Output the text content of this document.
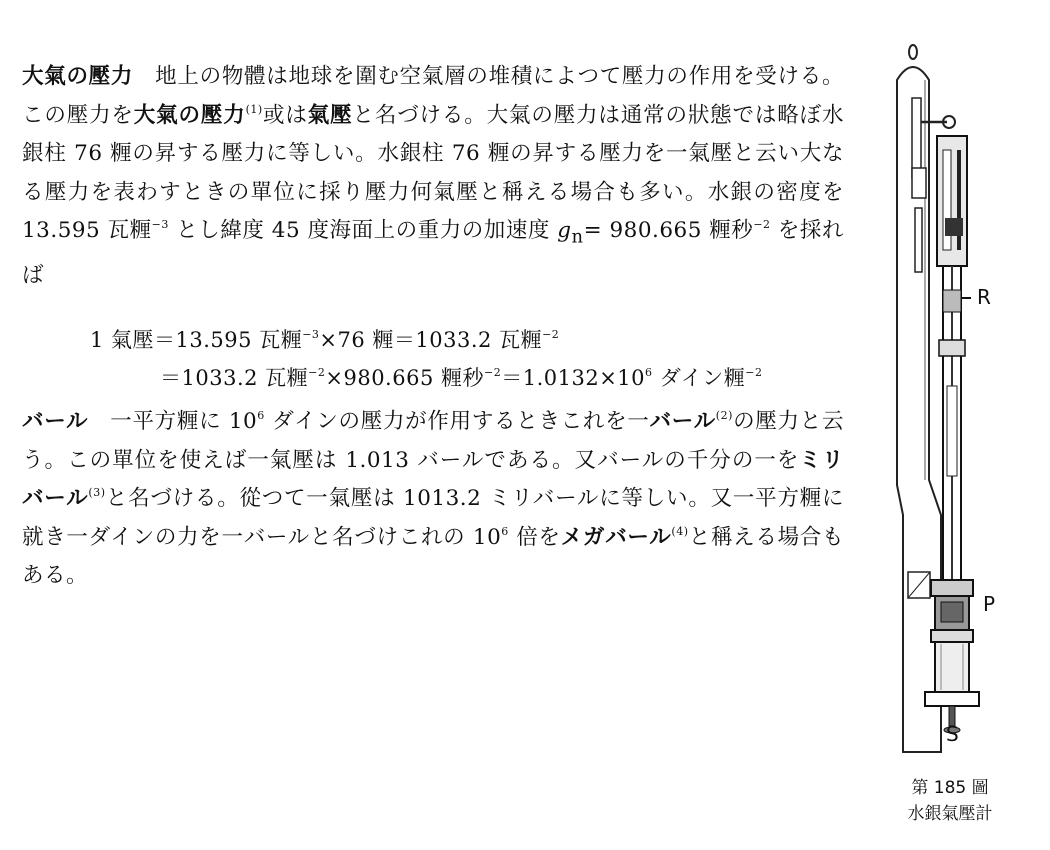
大氣の壓力 地上の物體は地球を圍む空氣層の堆積によつて壓力の作用を受ける。この壓力を大氣の壓力$^{(1)}$或は氣壓と名づける。大氣の壓力は通常の狀態では略ぼ水銀柱 76 糎の昇する壓力に等しい。水銀柱 76 糎の昇する壓力を一氣壓と云い大なる壓力を表わすときの單位に採り壓力何氣壓と稱える場合も多い。水銀の密度を 13.595 瓦糎$^{-3}$ とし緯度 45 度海面上の重力の加速度 $g_n= 980.665$ 糎秒$^{-2}$ を採れば

1 氣壓＝13.595 瓦糎$^{-3}$×76 糎＝1033.2 瓦糎$^{-2}$
＝1033.2 瓦糎$^{-2}$×980.665 糎秒$^{-2}=1.0132\times 10^6$ ダイン糎$^{-2}$

バール 一平方糎に $10^6$ ダインの壓力が作用するときこれを一バール$^{(2)}$の壓力と云う。この單位を使えば一氣壓は 1.013 バールである。又バールの千分の一をミリバール$^{(3)}$と名づける。從つて一氣壓は 1013.2 ミリバールに等しい。又一平方糎に就き一ダインの力を一バールと名づけこれの $10^6$ 倍をメガバール$^{(4)}$と稱える場合もある。

R
P
S
第 185 圖
水銀氣壓計
